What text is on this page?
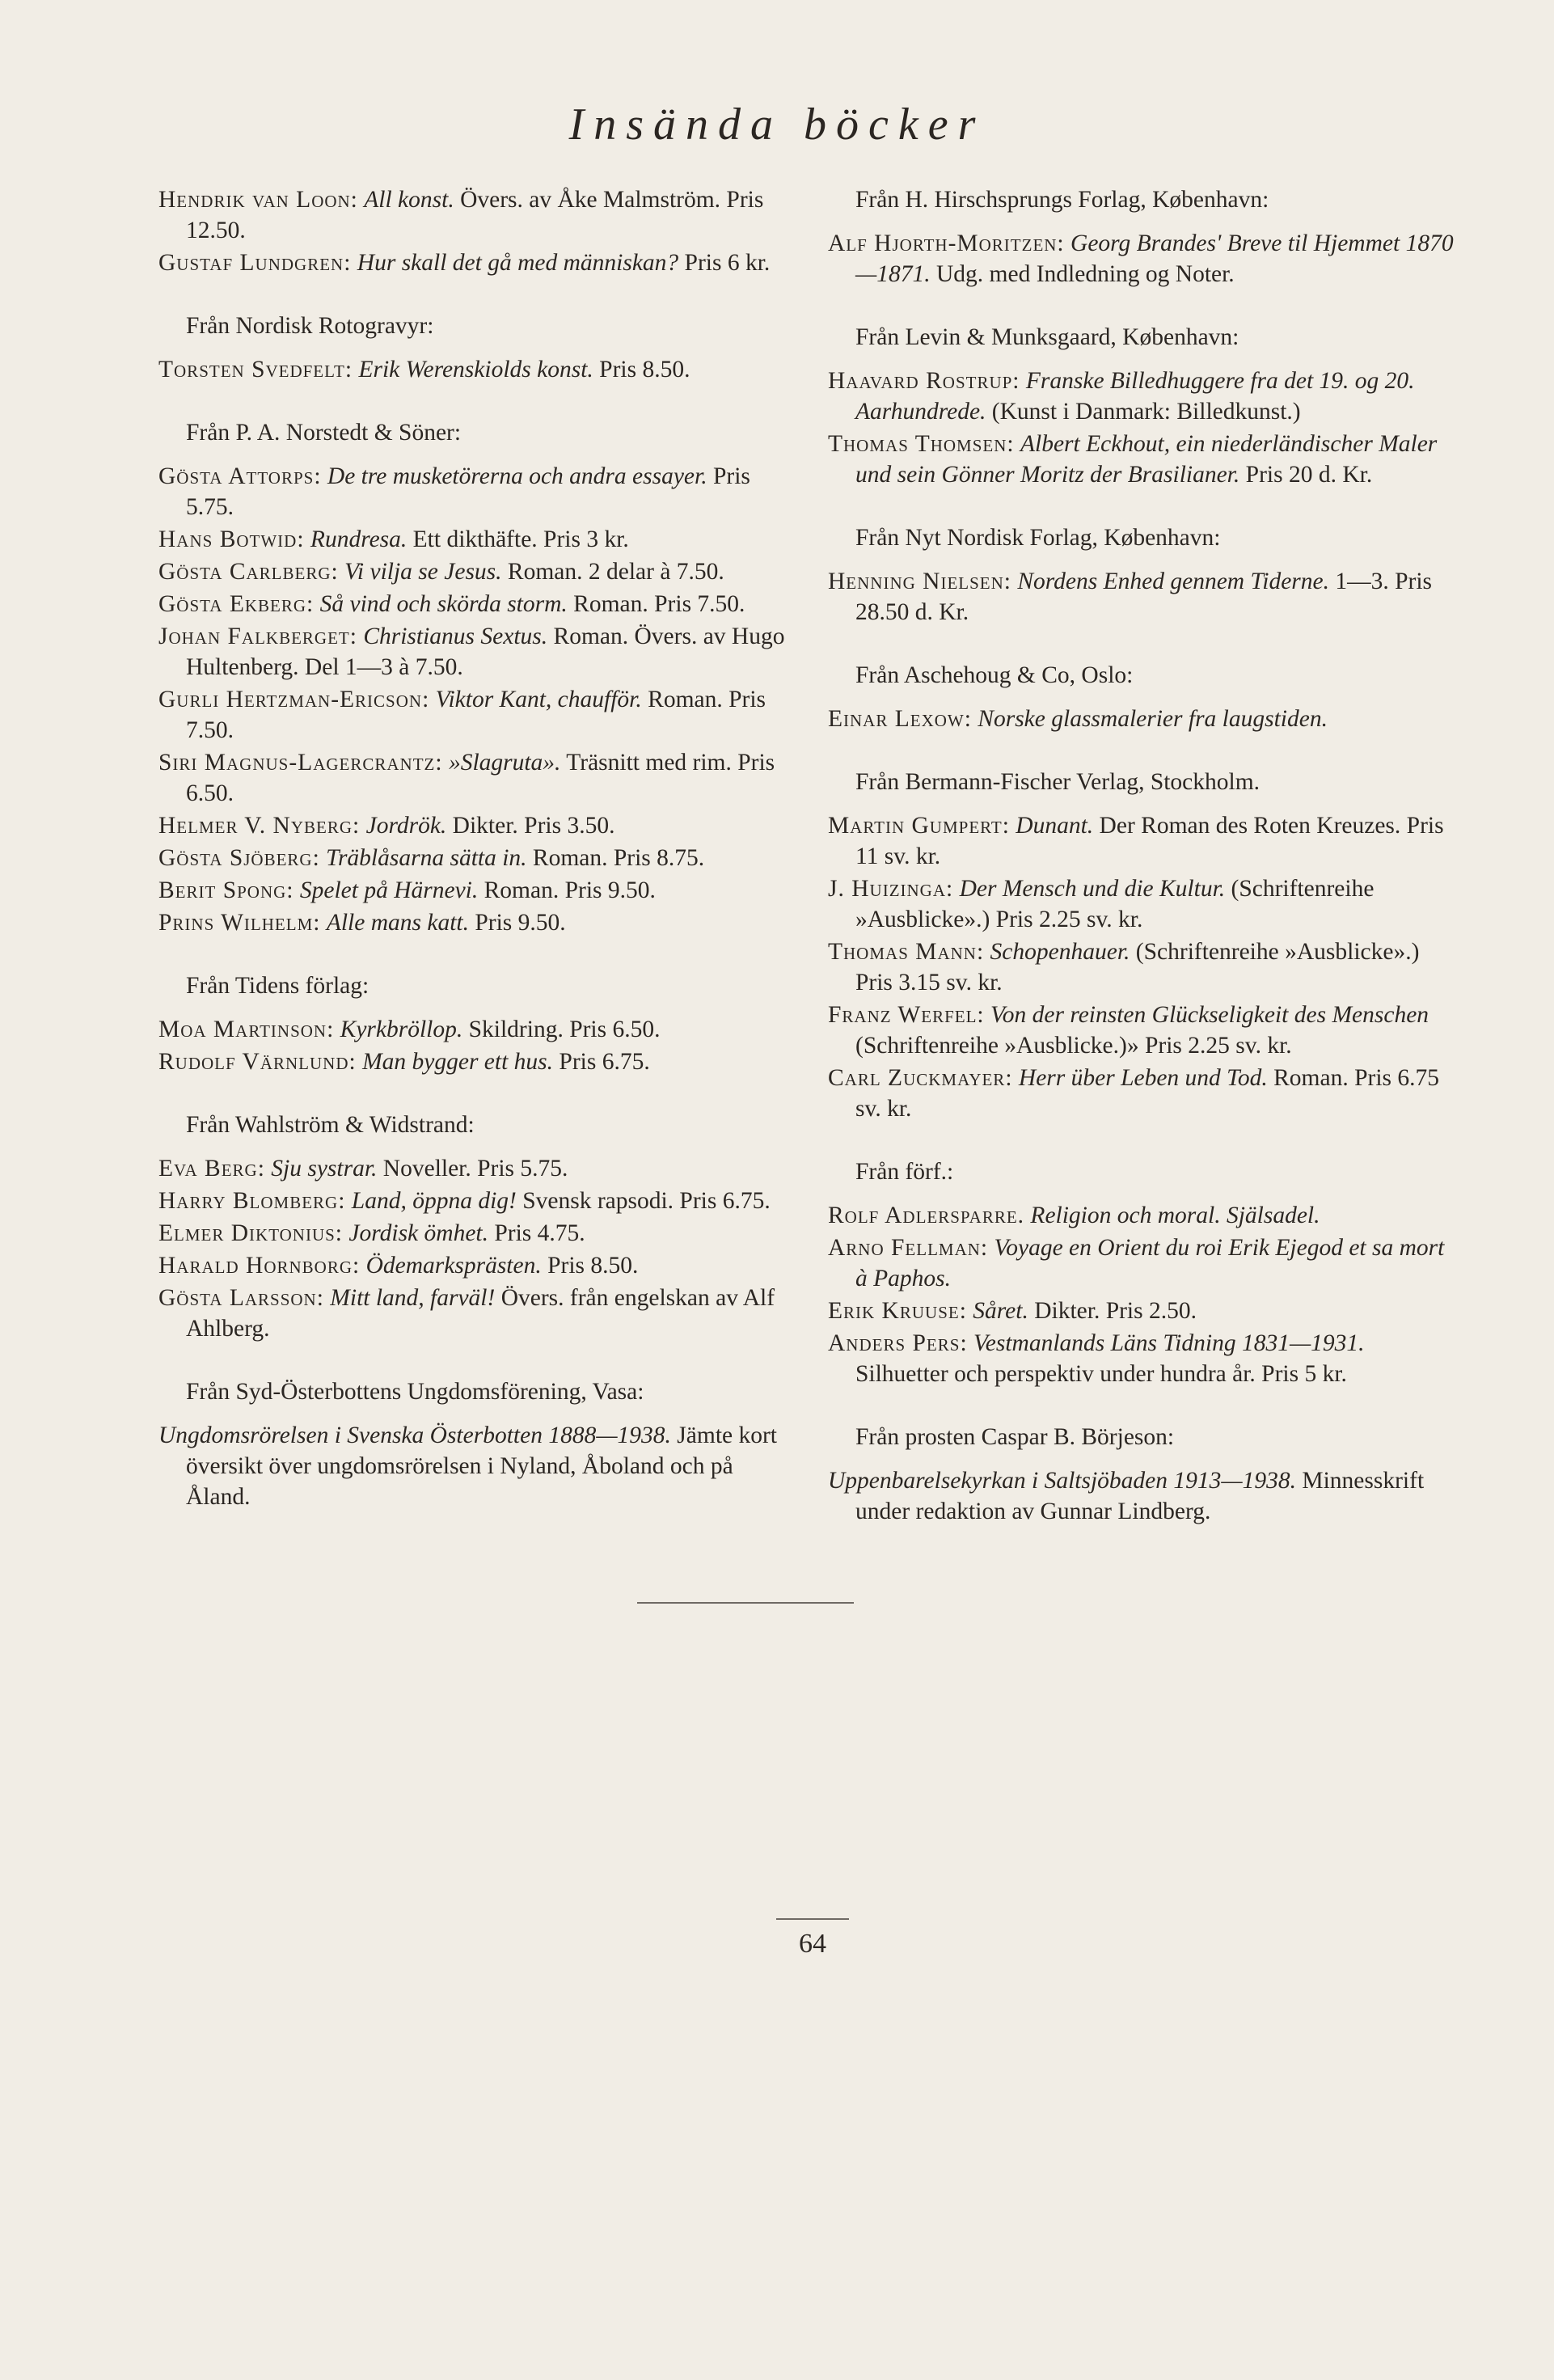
Insända böcker
Hendrik van Loon: All konst. Övers. av Åke Malmström. Pris 12.50.
Gustaf Lundgren: Hur skall det gå med människan? Pris 6 kr.
Från Nordisk Rotogravyr:
Torsten Svedfelt: Erik Werenskiolds konst. Pris 8.50.
Från P. A. Norstedt & Söner:
Gösta Attorps: De tre musketörerna och andra essayer. Pris 5.75.
Hans Botwid: Rundresa. Ett dikthäfte. Pris 3 kr.
Gösta Carlberg: Vi vilja se Jesus. Roman. 2 delar à 7.50.
Gösta Ekberg: Så vind och skörda storm. Roman. Pris 7.50.
Johan Falkberget: Christianus Sextus. Roman. Övers. av Hugo Hultenberg. Del 1—3 à 7.50.
Gurli Hertzman-Ericson: Viktor Kant, chaufför. Roman. Pris 7.50.
Siri Magnus-Lagercrantz: »Slagruta». Träsnitt med rim. Pris 6.50.
Helmer V. Nyberg: Jordrök. Dikter. Pris 3.50.
Gösta Sjöberg: Träblåsarna sätta in. Roman. Pris 8.75.
Berit Spong: Spelet på Härnevi. Roman. Pris 9.50.
Prins Wilhelm: Alle mans katt. Pris 9.50.
Från Tidens förlag:
Moa Martinson: Kyrkbröllop. Skildring. Pris 6.50.
Rudolf Värnlund: Man bygger ett hus. Pris 6.75.
Från Wahlström & Widstrand:
Eva Berg: Sju systrar. Noveller. Pris 5.75.
Harry Blomberg: Land, öppna dig! Svensk rapsodi. Pris 6.75.
Elmer Diktonius: Jordisk ömhet. Pris 4.75.
Harald Hornborg: Ödemarksprästen. Pris 8.50.
Gösta Larsson: Mitt land, farväl! Övers. från engelskan av Alf Ahlberg.
Från Syd-Österbottens Ungdomsförening, Vasa:
Ungdomsrörelsen i Svenska Österbotten 1888—1938. Jämte kort översikt över ungdomsrörelsen i Nyland, Åboland och på Åland.
Från H. Hirschsprungs Forlag, København:
Alf Hjorth-Moritzen: Georg Brandes' Breve til Hjemmet 1870—1871. Udg. med Indledning og Noter.
Från Levin & Munksgaard, København:
Haavard Rostrup: Franske Billedhuggere fra det 19. og 20. Aarhundrede. (Kunst i Danmark: Billedkunst.)
Thomas Thomsen: Albert Eckhout, ein niederländischer Maler und sein Gönner Moritz der Brasilianer. Pris 20 d. Kr.
Från Nyt Nordisk Forlag, København:
Henning Nielsen: Nordens Enhed gennem Tiderne. 1—3. Pris 28.50 d. Kr.
Från Aschehoug & Co, Oslo:
Einar Lexow: Norske glassmalerier fra laugstiden.
Från Bermann-Fischer Verlag, Stockholm.
Martin Gumpert: Dunant. Der Roman des Roten Kreuzes. Pris 11 sv. kr.
J. Huizinga: Der Mensch und die Kultur. (Schriftenreihe »Ausblicke».) Pris 2.25 sv. kr.
Thomas Mann: Schopenhauer. (Schriftenreihe »Ausblicke».) Pris 3.15 sv. kr.
Franz Werfel: Von der reinsten Glückseligkeit des Menschen (Schriftenreihe »Ausblicke.)» Pris 2.25 sv. kr.
Carl Zuckmayer: Herr über Leben und Tod. Roman. Pris 6.75 sv. kr.
Från förf.:
Rolf Adlersparre. Religion och moral. Själsadel.
Arno Fellman: Voyage en Orient du roi Erik Ejegod et sa mort à Paphos.
Erik Kruuse: Såret. Dikter. Pris 2.50.
Anders Pers: Vestmanlands Läns Tidning 1831—1931. Silhuetter och perspektiv under hundra år. Pris 5 kr.
Från prosten Caspar B. Börjeson:
Uppenbarelsekyrkan i Saltsjöbaden 1913—1938. Minnesskrift under redaktion av Gunnar Lindberg.
64
